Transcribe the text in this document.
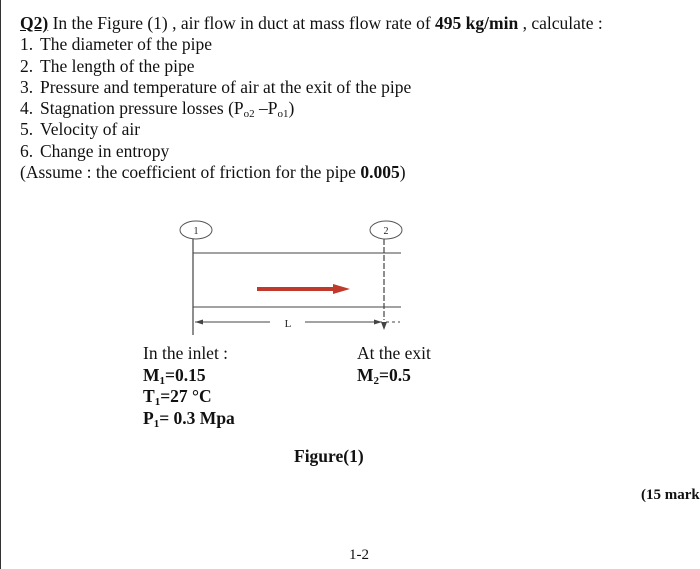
Q2) In the Figure (1) , air flow in duct at mass flow rate of 495 kg/min , calculate :
1. The diameter of the pipe
2. The length of the pipe
3. Pressure and temperature of air at the exit of the pipe
4. Stagnation pressure losses ($P_{o2}$ $-P_{o1}$)
5. Velocity of air
6. Change in entropy
(Assume : the coefficient of friction for the pipe 0.005)
1	2
L
In the inlet :
$M_1=0.15$
$T_1=27$ °C
$P_1= 0.3$ Mpa
At the exit
$M_2=0.5$
Figure(1)
(15 mark
1-2
